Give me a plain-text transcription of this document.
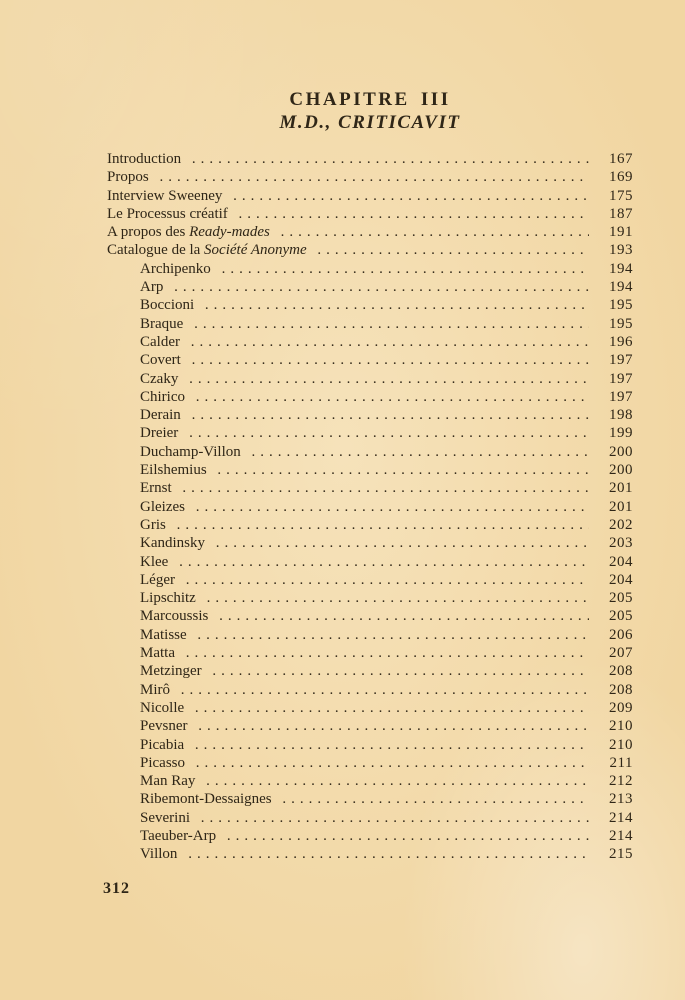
CHAPITRE III
M.D., CRITICAVIT
Introduction .....	167
Propos .....	169
Interview Sweeney .....	175
Le Processus créatif .....	187
A propos des Ready-mades .....	191
Catalogue de la Société Anonyme .....	193
Archipenko .....	194
Arp .....	194
Boccioni .....	195
Braque .....	195
Calder .....	196
Covert .....	197
Czaky .....	197
Chirico .....	197
Derain .....	198
Dreier .....	199
Duchamp-Villon .....	200
Eilshemius .....	200
Ernst .....	201
Gleizes .....	201
Gris .....	202
Kandinsky .....	203
Klee .....	204
Léger .....	204
Lipschitz .....	205
Marcoussis .....	205
Matisse .....	206
Matta .....	207
Metzinger .....	208
Mirô .....	208
Nicolle .....	209
Pevsner .....	210
Picabia .....	210
Picasso .....	211
Man Ray .....	212
Ribemont-Dessaignes .....	213
Severini .....	214
Taeuber-Arp .....	214
Villon .....	215
312
